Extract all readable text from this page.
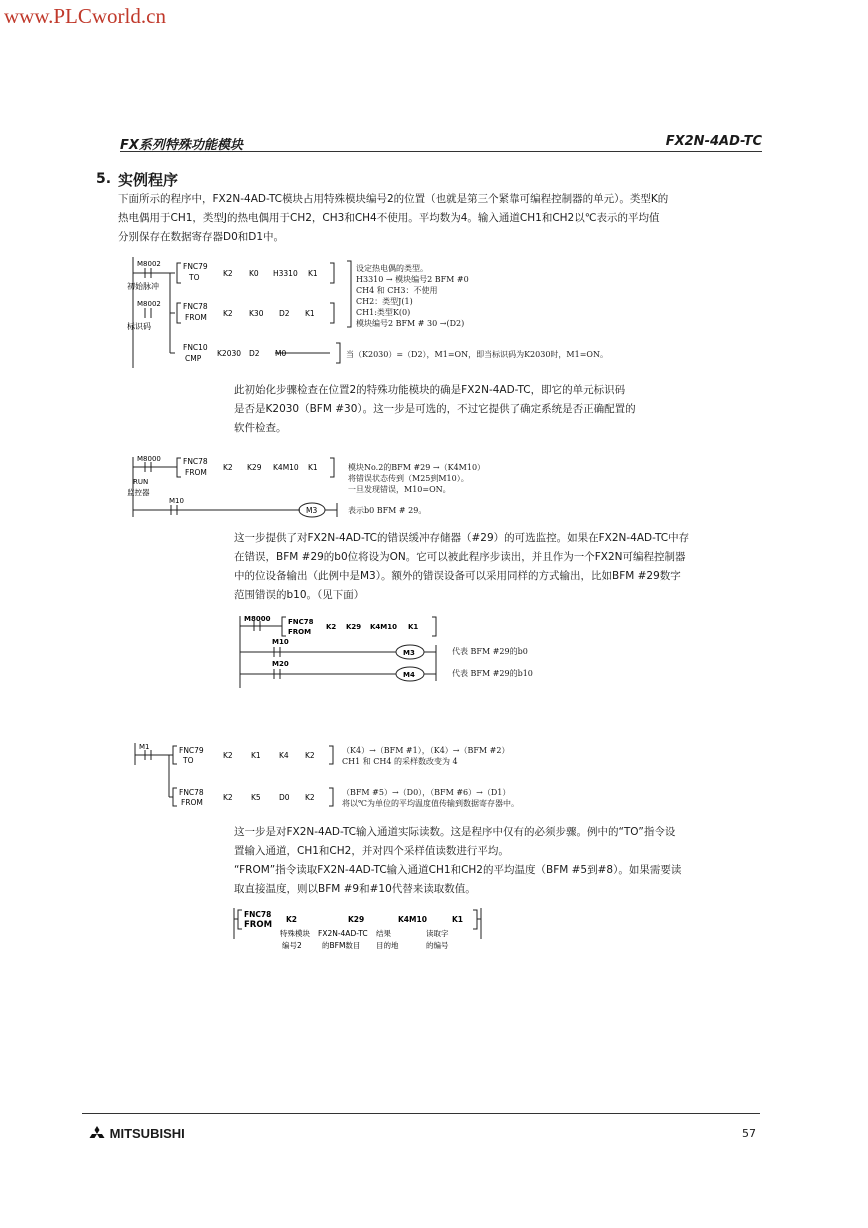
www.PLCworld.cn
FX系列特殊功能模块	FX2N-4AD-TC
5. 实例程序
下面所示的程序中，FX2N-4AD-TC模块占用特殊模块编号2的位置（也就是第三个紧靠可编程控制器的单元）。类型K的
热电偶用于CH1，类型J的热电偶用于CH2，CH3和CH4不使用。平均数为4。输入通道CH1和CH2以℃表示的平均值
分别保存在数据寄存器D0和D1中。
M8002
初始脉冲
M8002
标识码
FNC79
TO	K2 K0 H3310 K1
FNC78
FROM K2 K30 D2 K1
FNC10
CMP
K2030 D2 M0
设定热电偶的类型。
H3310 → 模块编号2 BFM #0
CH4 和 CH3：不使用
CH2：类型J(1)
CH1:类型K(0)
模块编号2 BFM # 30 →(D2)
当（K2030）=（D2），M1=ON，即当标识码为K2030时，M1=ON。
此初始化步骤检查在位置2的特殊功能模块的确是FX2N-4AD-TC，即它的单元标识码
是否是K2030（BFM #30）。这一步是可选的，不过它提供了确定系统是否正确配置的
软件检查。
M8000
RUN
监控器
M10
FNC78
FROM
K2 K29 K4M10 K1
M3
模块No.2的BFM #29 →（K4M10）
将错误状态传到（M25到M10）。
一旦发现错误，M10=ON。
表示b0 BFM # 29。
这一步提供了对FX2N-4AD-TC的错误缓冲存储器（#29）的可选监控。如果在FX2N-4AD-TC中存
在错误，BFM #29的b0位将设为ON。它可以被此程序步读出，并且作为一个FX2N可编程控制器
中的位设备输出（此例中是M3）。额外的错误设备可以采用同样的方式输出，比如BFM #29数字
范围错误的b10。（见下面）
M8000
M10
M20
FNC78
FROM
K2 K29 K4M10 K1
M3
M4
代表 BFM #29的b0
代表 BFM #29的b10
M1	FNC79
TO
K2 K1 K4 K2
FNC78
FROM
K2 K5 D0 K2
（K4）→（BFM #1），（K4）→（BFM #2）
CH1 和 CH4 的采样数改变为 4
（BFM #5）→（D0），（BFM #6）→（D1）
将以℃为单位的平均温度值传输到数据寄存器中。
这一步是对FX2N-4AD-TC输入通道实际读数。这是程序中仅有的必须步骤。例中的“TO”指令设
置输入通道，CH1和CH2，并对四个采样值读数进行平均。
“FROM”指令读取FX2N-4AD-TC输入通道CH1和CH2的平均温度（BFM #5到#8）。如果需要读
取直接温度，则以BFM #9和#10代替来读取数值。
FNC78
FROM
K2	K29	K4M10	K1
特殊模块 FX2N-4AD-TC 结果	读取字
编号2	的BFM数目 目的地	的编号
MITSUBISHI	57
